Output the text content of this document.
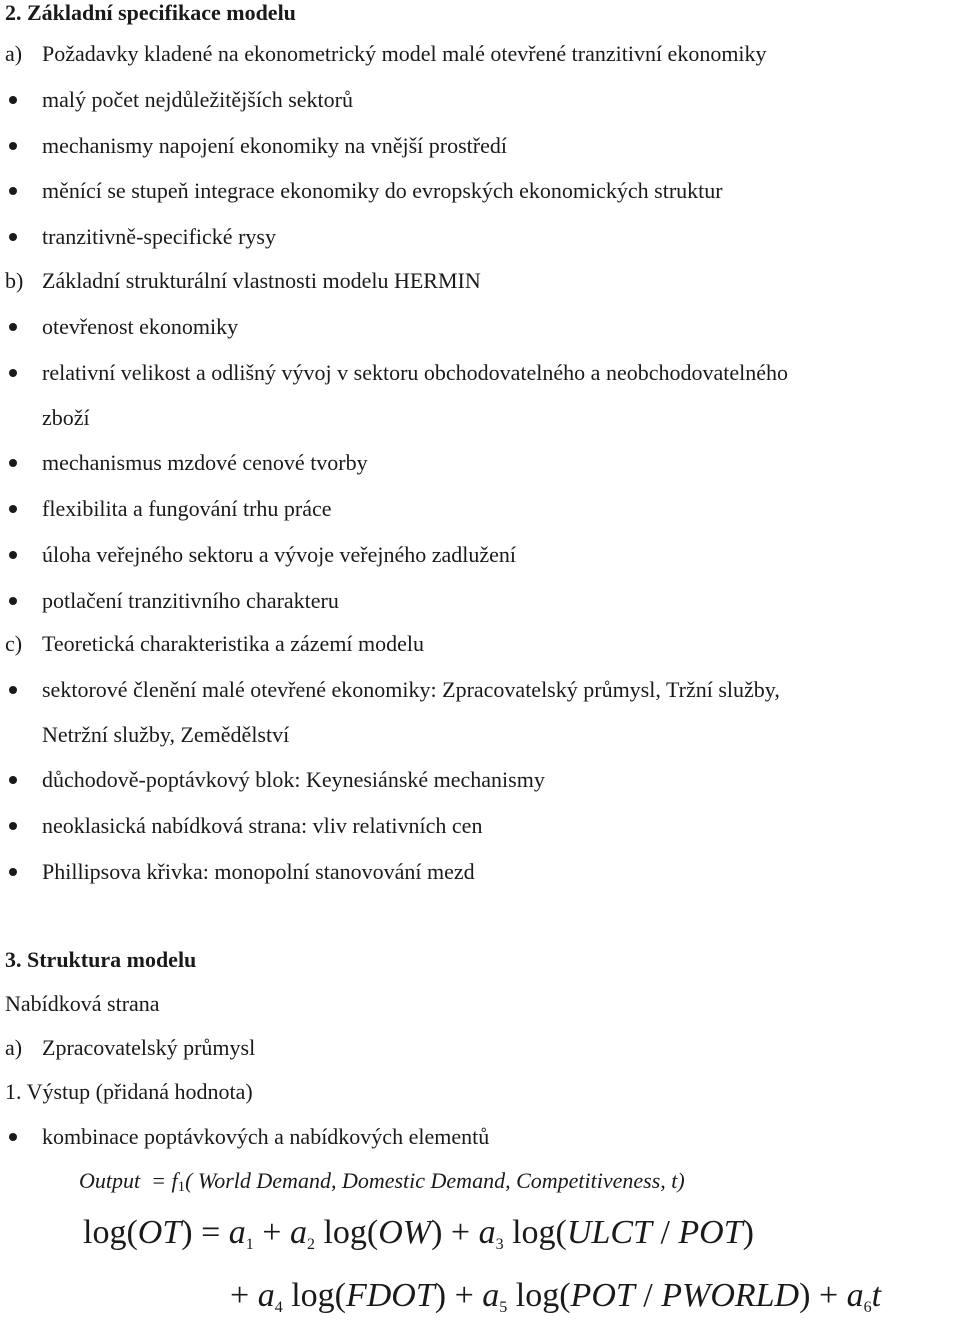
2. Základní specifikace modelu
a) Požadavky kladené na ekonometrický model malé otevřené tranzitivní ekonomiky
malý počet nejdůležitějších sektorů
mechanismy napojení ekonomiky na vnější prostředí
měnící se stupeň integrace ekonomiky do evropských ekonomických struktur
tranzitivně-specifické rysy
b) Základní strukturální vlastnosti modelu HERMIN
otevřenost ekonomiky
relativní velikost a odlišný vývoj v sektoru obchodovatelného a neobchodovatelného
zboží
mechanismus mzdové cenové tvorby
flexibilita a fungování trhu práce
úloha veřejného sektoru a vývoje veřejného zadlužení
potlačení tranzitivního charakteru
c) Teoretická charakteristika a zázemí modelu
sektorové členění malé otevřené ekonomiky: Zpracovatelský průmysl, Tržní služby,
Netržní služby, Zemědělství
důchodově-poptávkový blok: Keynesiánské mechanismy
neoklasická nabídková strana: vliv relativních cen
Phillipsova křivka: monopolní stanovování mezd
3. Struktura modelu
Nabídková strana
a) Zpracovatelský průmysl
1. Výstup (přidaná hodnota)
kombinace poptávkových a nabídkových elementů
Output = $f_1$( World Demand, Domestic Demand, Competitiveness, t)
$\log(OT) = a_1 + a_2$ $\log(OW) + a_3$ log(ULCT / POT)
+ $a_4$ log(FDOT) + $a_5$ log(POT / PWORLD) + $a_6t$
